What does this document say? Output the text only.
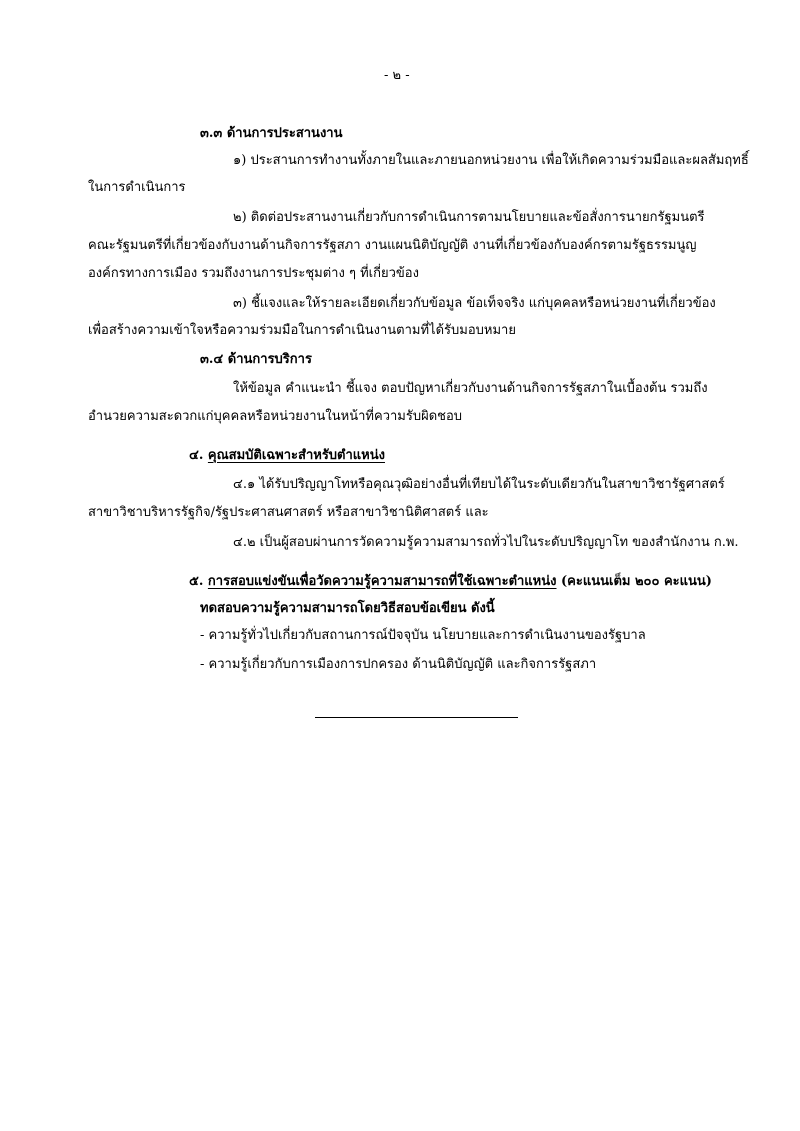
- ๒ -
๓.๓ ด้านการประสานงาน
๑) ประสานการทำงานทั้งภายในและภายนอกหน่วยงาน เพื่อให้เกิดความร่วมมือและผลสัมฤทธิ์
ในการดำเนินการ
๒) ติดต่อประสานงานเกี่ยวกับการดำเนินการตามนโยบายและข้อสั่งการนายกรัฐมนตรี
คณะรัฐมนตรีที่เกี่ยวข้องกับงานด้านกิจการรัฐสภา งานแผนนิติบัญญัติ งานที่เกี่ยวข้องกับองค์กรตามรัฐธรรมนูญ
องค์กรทางการเมือง รวมถึงงานการประชุมต่าง ๆ ที่เกี่ยวข้อง
๓) ชี้แจงและให้รายละเอียดเกี่ยวกับข้อมูล ข้อเท็จจริง แก่บุคคลหรือหน่วยงานที่เกี่ยวข้อง
เพื่อสร้างความเข้าใจหรือความร่วมมือในการดำเนินงานตามที่ได้รับมอบหมาย
๓.๔ ด้านการบริการ
ให้ข้อมูล คำแนะนำ ชี้แจง ตอบปัญหาเกี่ยวกับงานด้านกิจการรัฐสภาในเบื้องต้น รวมถึง
อำนวยความสะดวกแก่บุคคลหรือหน่วยงานในหน้าที่ความรับผิดชอบ
๔. คุณสมบัติเฉพาะสำหรับตำแหน่ง
๔.๑ ได้รับปริญญาโทหรือคุณวุฒิอย่างอื่นที่เทียบได้ในระดับเดียวกันในสาขาวิชารัฐศาสตร์
สาขาวิชาบริหารรัฐกิจ/รัฐประศาสนศาสตร์ หรือสาขาวิชานิติศาสตร์ และ
๔.๒ เป็นผู้สอบผ่านการวัดความรู้ความสามารถทั่วไปในระดับปริญญาโท ของสำนักงาน ก.พ.
๕. การสอบแข่งขันเพื่อวัดความรู้ความสามารถที่ใช้เฉพาะตำแหน่ง (คะแนนเต็ม ๒๐๐ คะแนน)
ทดสอบความรู้ความสามารถโดยวิธีสอบข้อเขียน ดังนี้
- ความรู้ทั่วไปเกี่ยวกับสถานการณ์ปัจจุบัน นโยบายและการดำเนินงานของรัฐบาล
- ความรู้เกี่ยวกับการเมืองการปกครอง ด้านนิติบัญญัติ และกิจการรัฐสภา
